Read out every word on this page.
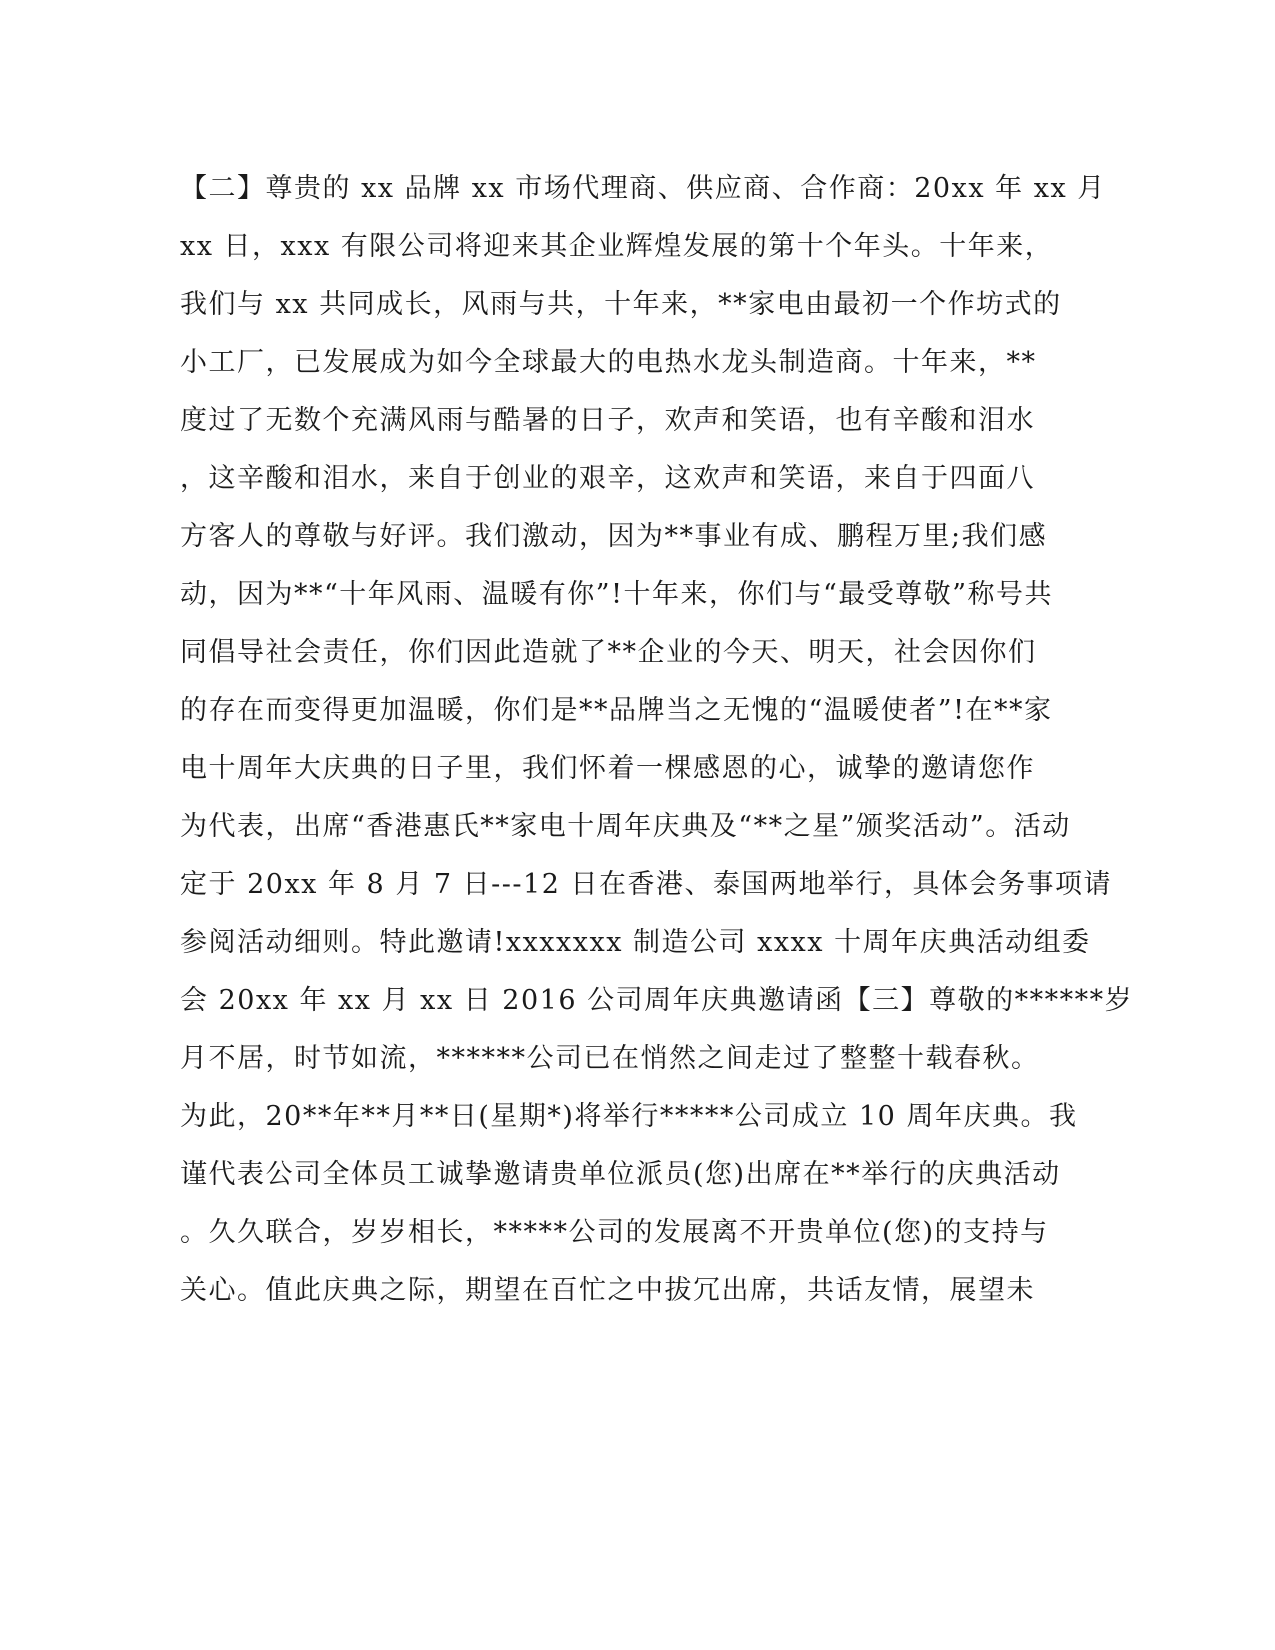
【二】尊贵的 xx 品牌 xx 市场代理商、供应商、合作商：20xx 年 xx 月
xx 日，xxx 有限公司将迎来其企业辉煌发展的第十个年头。十年来，
我们与 xx 共同成长，风雨与共，十年来，**家电由最初一个作坊式的
小工厂，已发展成为如今全球最大的电热水龙头制造商。十年来，**
度过了无数个充满风雨与酷暑的日子，欢声和笑语，也有辛酸和泪水
，这辛酸和泪水，来自于创业的艰辛，这欢声和笑语，来自于四面八
方客人的尊敬与好评。我们激动，因为**事业有成、鹏程万里;我们感
动，因为**“十年风雨、温暖有你”!十年来，你们与“最受尊敬”称号共
同倡导社会责任，你们因此造就了**企业的今天、明天，社会因你们
的存在而变得更加温暖，你们是**品牌当之无愧的“温暖使者”!在**家
电十周年大庆典的日子里，我们怀着一棵感恩的心，诚挚的邀请您作
为代表，出席“香港惠氏**家电十周年庆典及“**之星”颁奖活动”。活动
定于 20xx 年 8 月 7 日---12 日在香港、泰国两地举行，具体会务事项请
参阅活动细则。特此邀请!xxxxxxx 制造公司 xxxx 十周年庆典活动组委
会 20xx 年 xx 月 xx 日 2016 公司周年庆典邀请函【三】尊敬的******岁
月不居，时节如流，******公司已在悄然之间走过了整整十载春秋。
为此，20**年**月**日(星期*)将举行*****公司成立 10 周年庆典。我
谨代表公司全体员工诚挚邀请贵单位派员(您)出席在**举行的庆典活动
。久久联合，岁岁相长，*****公司的发展离不开贵单位(您)的支持与
关心。值此庆典之际，期望在百忙之中拔冗出席，共话友情，展望未
